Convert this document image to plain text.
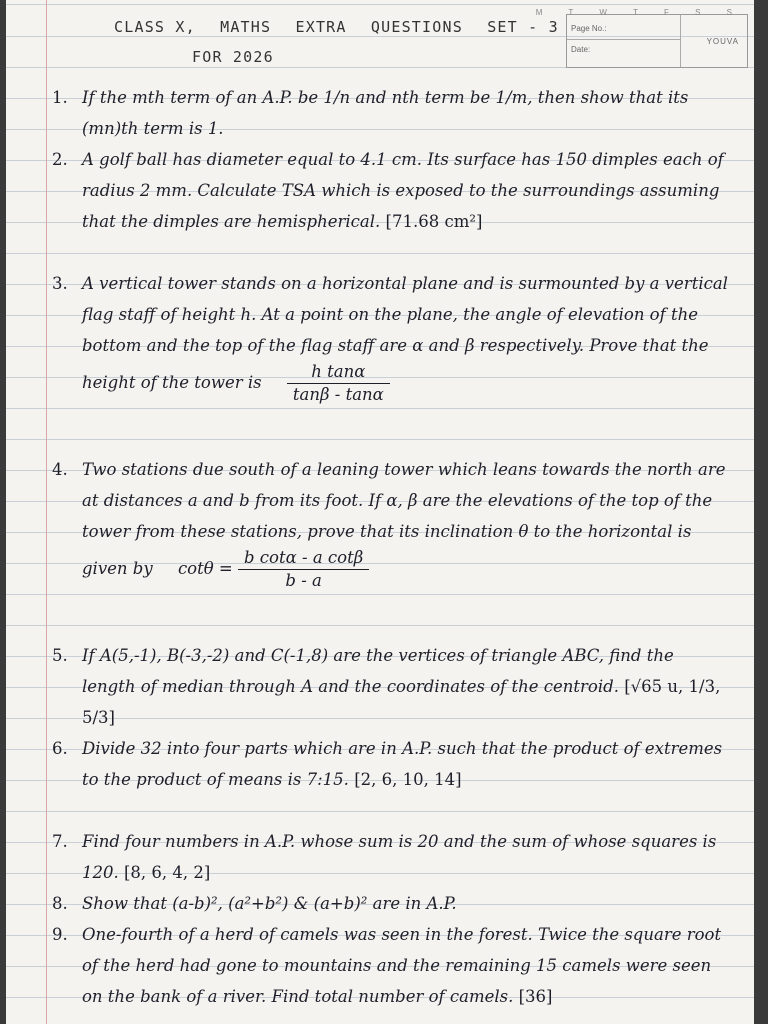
CLASS X, MATHS EXTRA QUESTIONS SET - 3
FOR 2026
Page No.:
Date:
YOUVA
M T W T F S S
1. If the mth term of an A.P. be 1/n and nth term be 1/m, then show that its (mn)th term is 1.
2. A golf ball has diameter equal to 4.1 cm. Its surface has 150 dimples each of radius 2 mm. Calculate TSA which is exposed to the surroundings assuming that the dimples are hemispherical. [71.68 cm²]
3. A vertical tower stands on a horizontal plane and is surmounted by a vertical flag staff of height h. At a point on the plane, the angle of elevation of the bottom and the top of the flag staff are α and β respectively. Prove that the height of the tower is $\frac{\text{h tanα}}{\tan\beta - \tan\alpha}$
4. Two stations due south of a leaning tower which leans towards the north are at distances a and b from its foot. If α, β are the elevations of the top of the tower from these stations, prove that its inclination θ to the horizontal is given by $\cot\theta = \frac{\text{b cotα - a cotβ}}{b - a}$
5. If A(5,-1), B(-3,-2) and C(-1,8) are the vertices of triangle ABC, find the length of median through A and the coordinates of the centroid. [√65 u, 1/3, 5/3]
6. Divide 32 into four parts which are in A.P. such that the product of extremes to the product of means is 7:15. [2, 6, 10, 14]
7. Find four numbers in A.P. whose sum is 20 and the sum of whose squares is 120. [8, 6, 4, 2]
8. Show that (a-b)², (a²+b²) & (a+b)² are in A.P.
9. One-fourth of a herd of camels was seen in the forest. Twice the square root of the herd had gone to mountains and the remaining 15 camels were seen on the bank of a river. Find total number of camels. [36]
